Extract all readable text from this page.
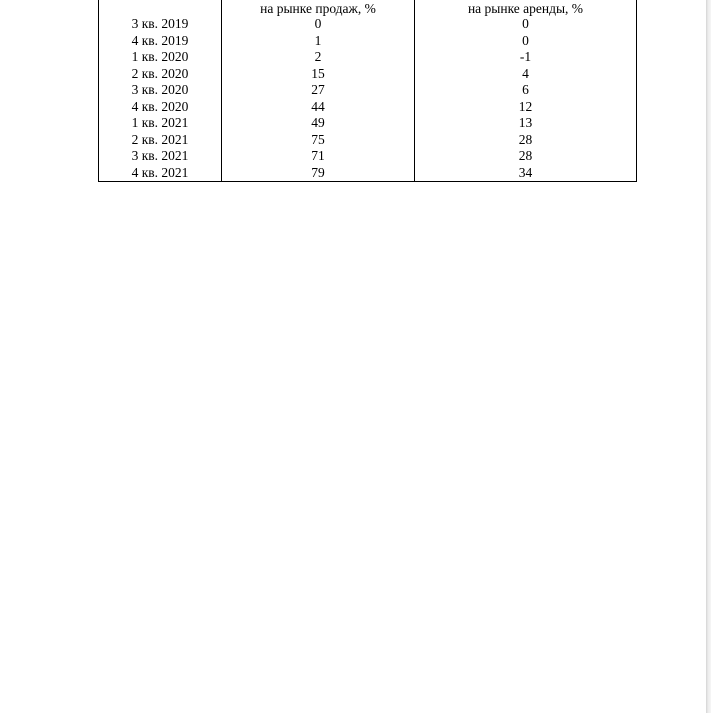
	на рынке продаж, %	на рынке аренды, %
3 кв. 2019	0	0
4 кв. 2019	1	0
1 кв. 2020	2	-1
2 кв. 2020	15	4
3 кв. 2020	27	6
4 кв. 2020	44	12
1 кв. 2021	49	13
2 кв. 2021	75	28
3 кв. 2021	71	28
4 кв. 2021	79	34
